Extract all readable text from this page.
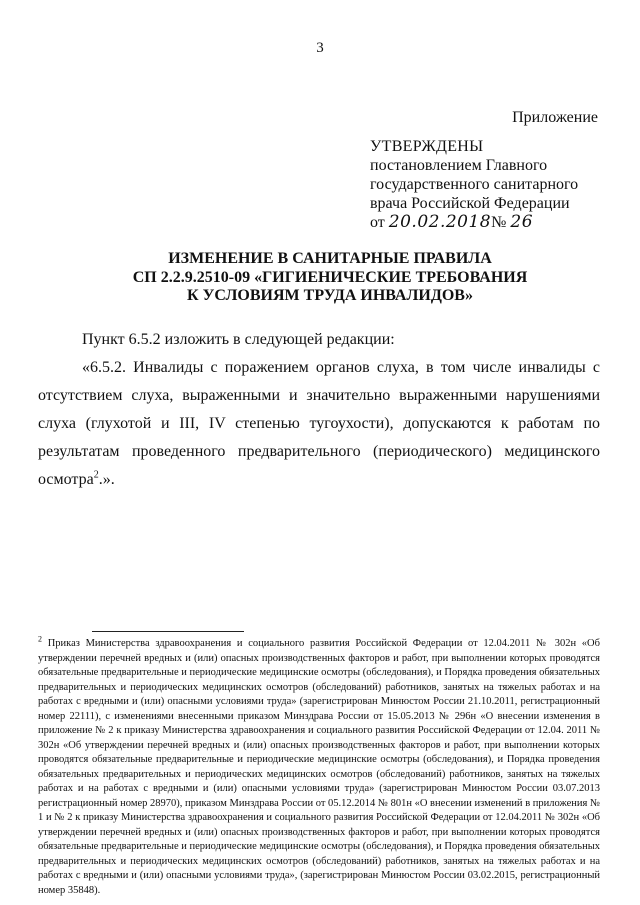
3
Приложение
УТВЕРЖДЕНЫ
постановлением Главного
государственного санитарного
врача Российской Федерации
от 20.02.2018№ 26
ИЗМЕНЕНИЕ В САНИТАРНЫЕ ПРАВИЛА
СП 2.2.9.2510-09 «ГИГИЕНИЧЕСКИЕ ТРЕБОВАНИЯ
К УСЛОВИЯМ ТРУДА ИНВАЛИДОВ»

Пункт 6.5.2 изложить в следующей редакции:

«6.5.2. Инвалиды с поражением органов слуха, в том числе инвалиды с отсутствием слуха, выраженными и значительно выраженными нарушениями слуха (глухотой и III, IV степенью тугоухости), допускаются к работам по результатам проведенного предварительного (периодического) медицинского осмотра$^2$.».

$^2$ Приказ Министерства здравоохранения и социального развития Российской Федерации от 12.04.2011 № 302н «Об утверждении перечней вредных и (или) опасных производственных факторов и работ, при выполнении которых проводятся обязательные предварительные и периодические медицинские осмотры (обследования), и Порядка проведения обязательных предварительных и периодических медицинских осмотров (обследований) работников, занятых на тяжелых работах и на работах с вредными и (или) опасными условиями труда» (зарегистрирован Минюстом России 21.10.2011, регистрационный номер 22111), с изменениями внесенными приказом Минздрава России от 15.05.2013 № 296н «О внесении изменения в приложение № 2 к приказу Министерства здравоохранения и социального развития Российской Федерации от 12.04. 2011 № 302н «Об утверждении перечней вредных и (или) опасных производственных факторов и работ, при выполнении которых проводятся обязательные предварительные и периодические медицинские осмотры (обследования), и Порядка проведения обязательных предварительных и периодических медицинских осмотров (обследований) работников, занятых на тяжелых работах и на работах с вредными и (или) опасными условиями труда» (зарегистрирован Минюстом России 03.07.2013 регистрационный номер 28970), приказом Минздрава России от 05.12.2014 № 801н «О внесении изменений в приложения № 1 и № 2 к приказу Министерства здравоохранения и социального развития Российской Федерации от 12.04.2011 № 302н «Об утверждении перечней вредных и (или) опасных производственных факторов и работ, при выполнении которых проводятся обязательные предварительные и периодические медицинские осмотры (обследования), и Порядка проведения обязательных предварительных и периодических медицинских осмотров (обследований) работников, занятых на тяжелых работах и на работах с вредными и (или) опасными условиями труда», (зарегистрирован Минюстом России 03.02.2015, регистрационный номер 35848).
